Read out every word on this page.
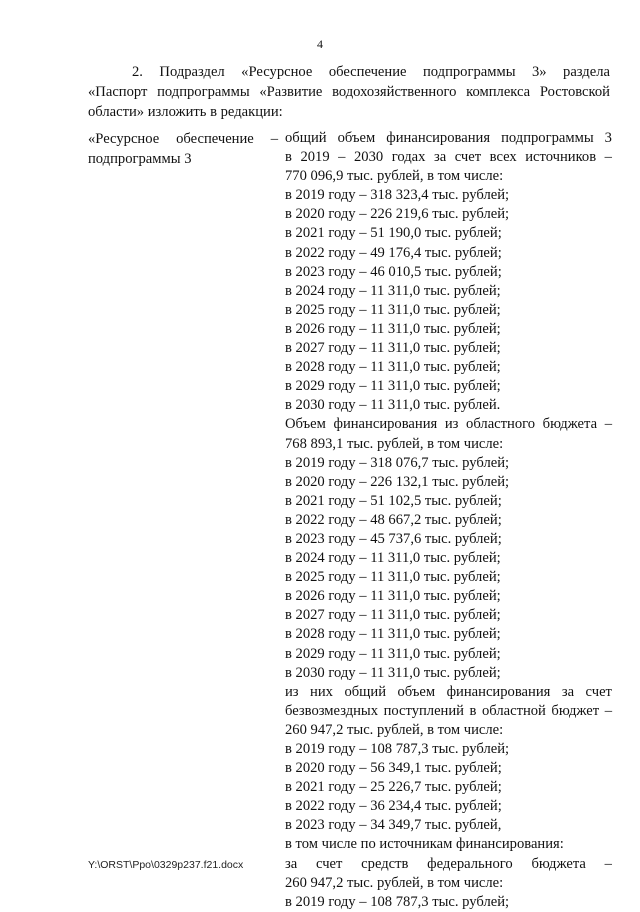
4
2. Подраздел «Ресурсное обеспечение подпрограммы 3» раздела
«Паспорт подпрограммы «Развитие водохозяйственного комплекса Ростовской
области» изложить в редакции:
«Ресурсное обеспечение –
подпрограммы 3
общий объем финансирования подпрограммы 3
в 2019 – 2030 годах за счет всех источников –
770 096,9 тыс. рублей, в том числе:
в 2019 году – 318 323,4 тыс. рублей;
в 2020 году – 226 219,6 тыс. рублей;
в 2021 году – 51 190,0 тыс. рублей;
в 2022 году – 49 176,4 тыс. рублей;
в 2023 году – 46 010,5 тыс. рублей;
в 2024 году – 11 311,0 тыс. рублей;
в 2025 году – 11 311,0 тыс. рублей;
в 2026 году – 11 311,0 тыс. рублей;
в 2027 году – 11 311,0 тыс. рублей;
в 2028 году – 11 311,0 тыс. рублей;
в 2029 году – 11 311,0 тыс. рублей;
в 2030 году – 11 311,0 тыс. рублей.
Объем финансирования из областного бюджета –
768 893,1 тыс. рублей, в том числе:
в 2019 году – 318 076,7 тыс. рублей;
в 2020 году – 226 132,1 тыс. рублей;
в 2021 году – 51 102,5 тыс. рублей;
в 2022 году – 48 667,2 тыс. рублей;
в 2023 году – 45 737,6 тыс. рублей;
в 2024 году – 11 311,0 тыс. рублей;
в 2025 году – 11 311,0 тыс. рублей;
в 2026 году – 11 311,0 тыс. рублей;
в 2027 году – 11 311,0 тыс. рублей;
в 2028 году – 11 311,0 тыс. рублей;
в 2029 году – 11 311,0 тыс. рублей;
в 2030 году – 11 311,0 тыс. рублей;
из них общий объем финансирования за счет
безвозмездных поступлений в областной бюджет –
260 947,2 тыс. рублей, в том числе:
в 2019 году – 108 787,3 тыс. рублей;
в 2020 году – 56 349,1 тыс. рублей;
в 2021 году – 25 226,7 тыс. рублей;
в 2022 году – 36 234,4 тыс. рублей;
в 2023 году – 34 349,7 тыс. рублей,
в том числе по источникам финансирования:
за счет средств федерального бюджета –
260 947,2 тыс. рублей, в том числе:
в 2019 году – 108 787,3 тыс. рублей;
Y:\ORST\Ppo\0329p237.f21.docx
